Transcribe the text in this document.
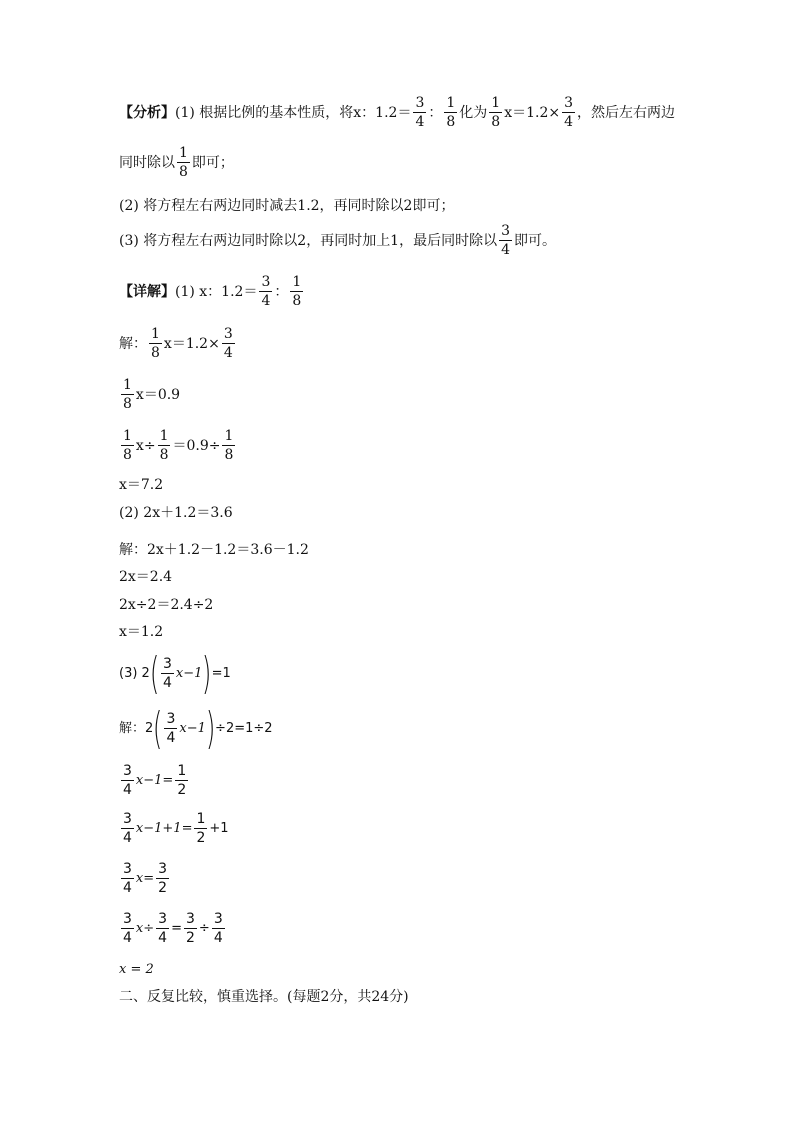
【分析】 (1) 根据比例的基本性质，将x：$1.2= \frac{3}{4}$ ： $\frac{1}{8}$ 化为 $\frac{1}{8} x=1.2\times \frac{3}{4}$ ，然后左右两边
同时除以 $\frac{1}{8}$ 即可；
(2) 将方程左右两边同时减去1.2，再同时除以2即可；
(3) 将方程左右两边同时除以2，再同时加上1，最后同时除以 $\frac{3}{4}$ 即可。
【详解】 (1) x：$1.2= \frac{3}{4}$ ： $\frac{1}{8}$
解： $\frac{1}{8} x=1.2\times \frac{3}{4}$
$\frac{1}{8} x=0.9$
$\frac{1}{8} x\div \frac{1}{8} =0.9\div \frac{1}{8}$
x＝7.2
(2) 2x＋1.2＝3.6
解：2x＋1.2－1.2＝3.6－1.2
2x＝2.4
2x÷2＝2.4÷2
x＝1.2
(3) 2 ( $\frac{3}{4} x-1$ ) =1
解：2 ( $\frac{3}{4} x-1$ ) ÷2=1÷2
$\frac{3}{4} x-1= \frac{1}{2}$
$\frac{3}{4} x-1+1= \frac{1}{2} +1$
$\frac{3}{4} x= \frac{3}{2}$
$\frac{3}{4} x\div \frac{3}{4} = \frac{3}{2} \div \frac{3}{4}$
x = 2
二、反复比较，慎重选择。(每题2分，共24分)
